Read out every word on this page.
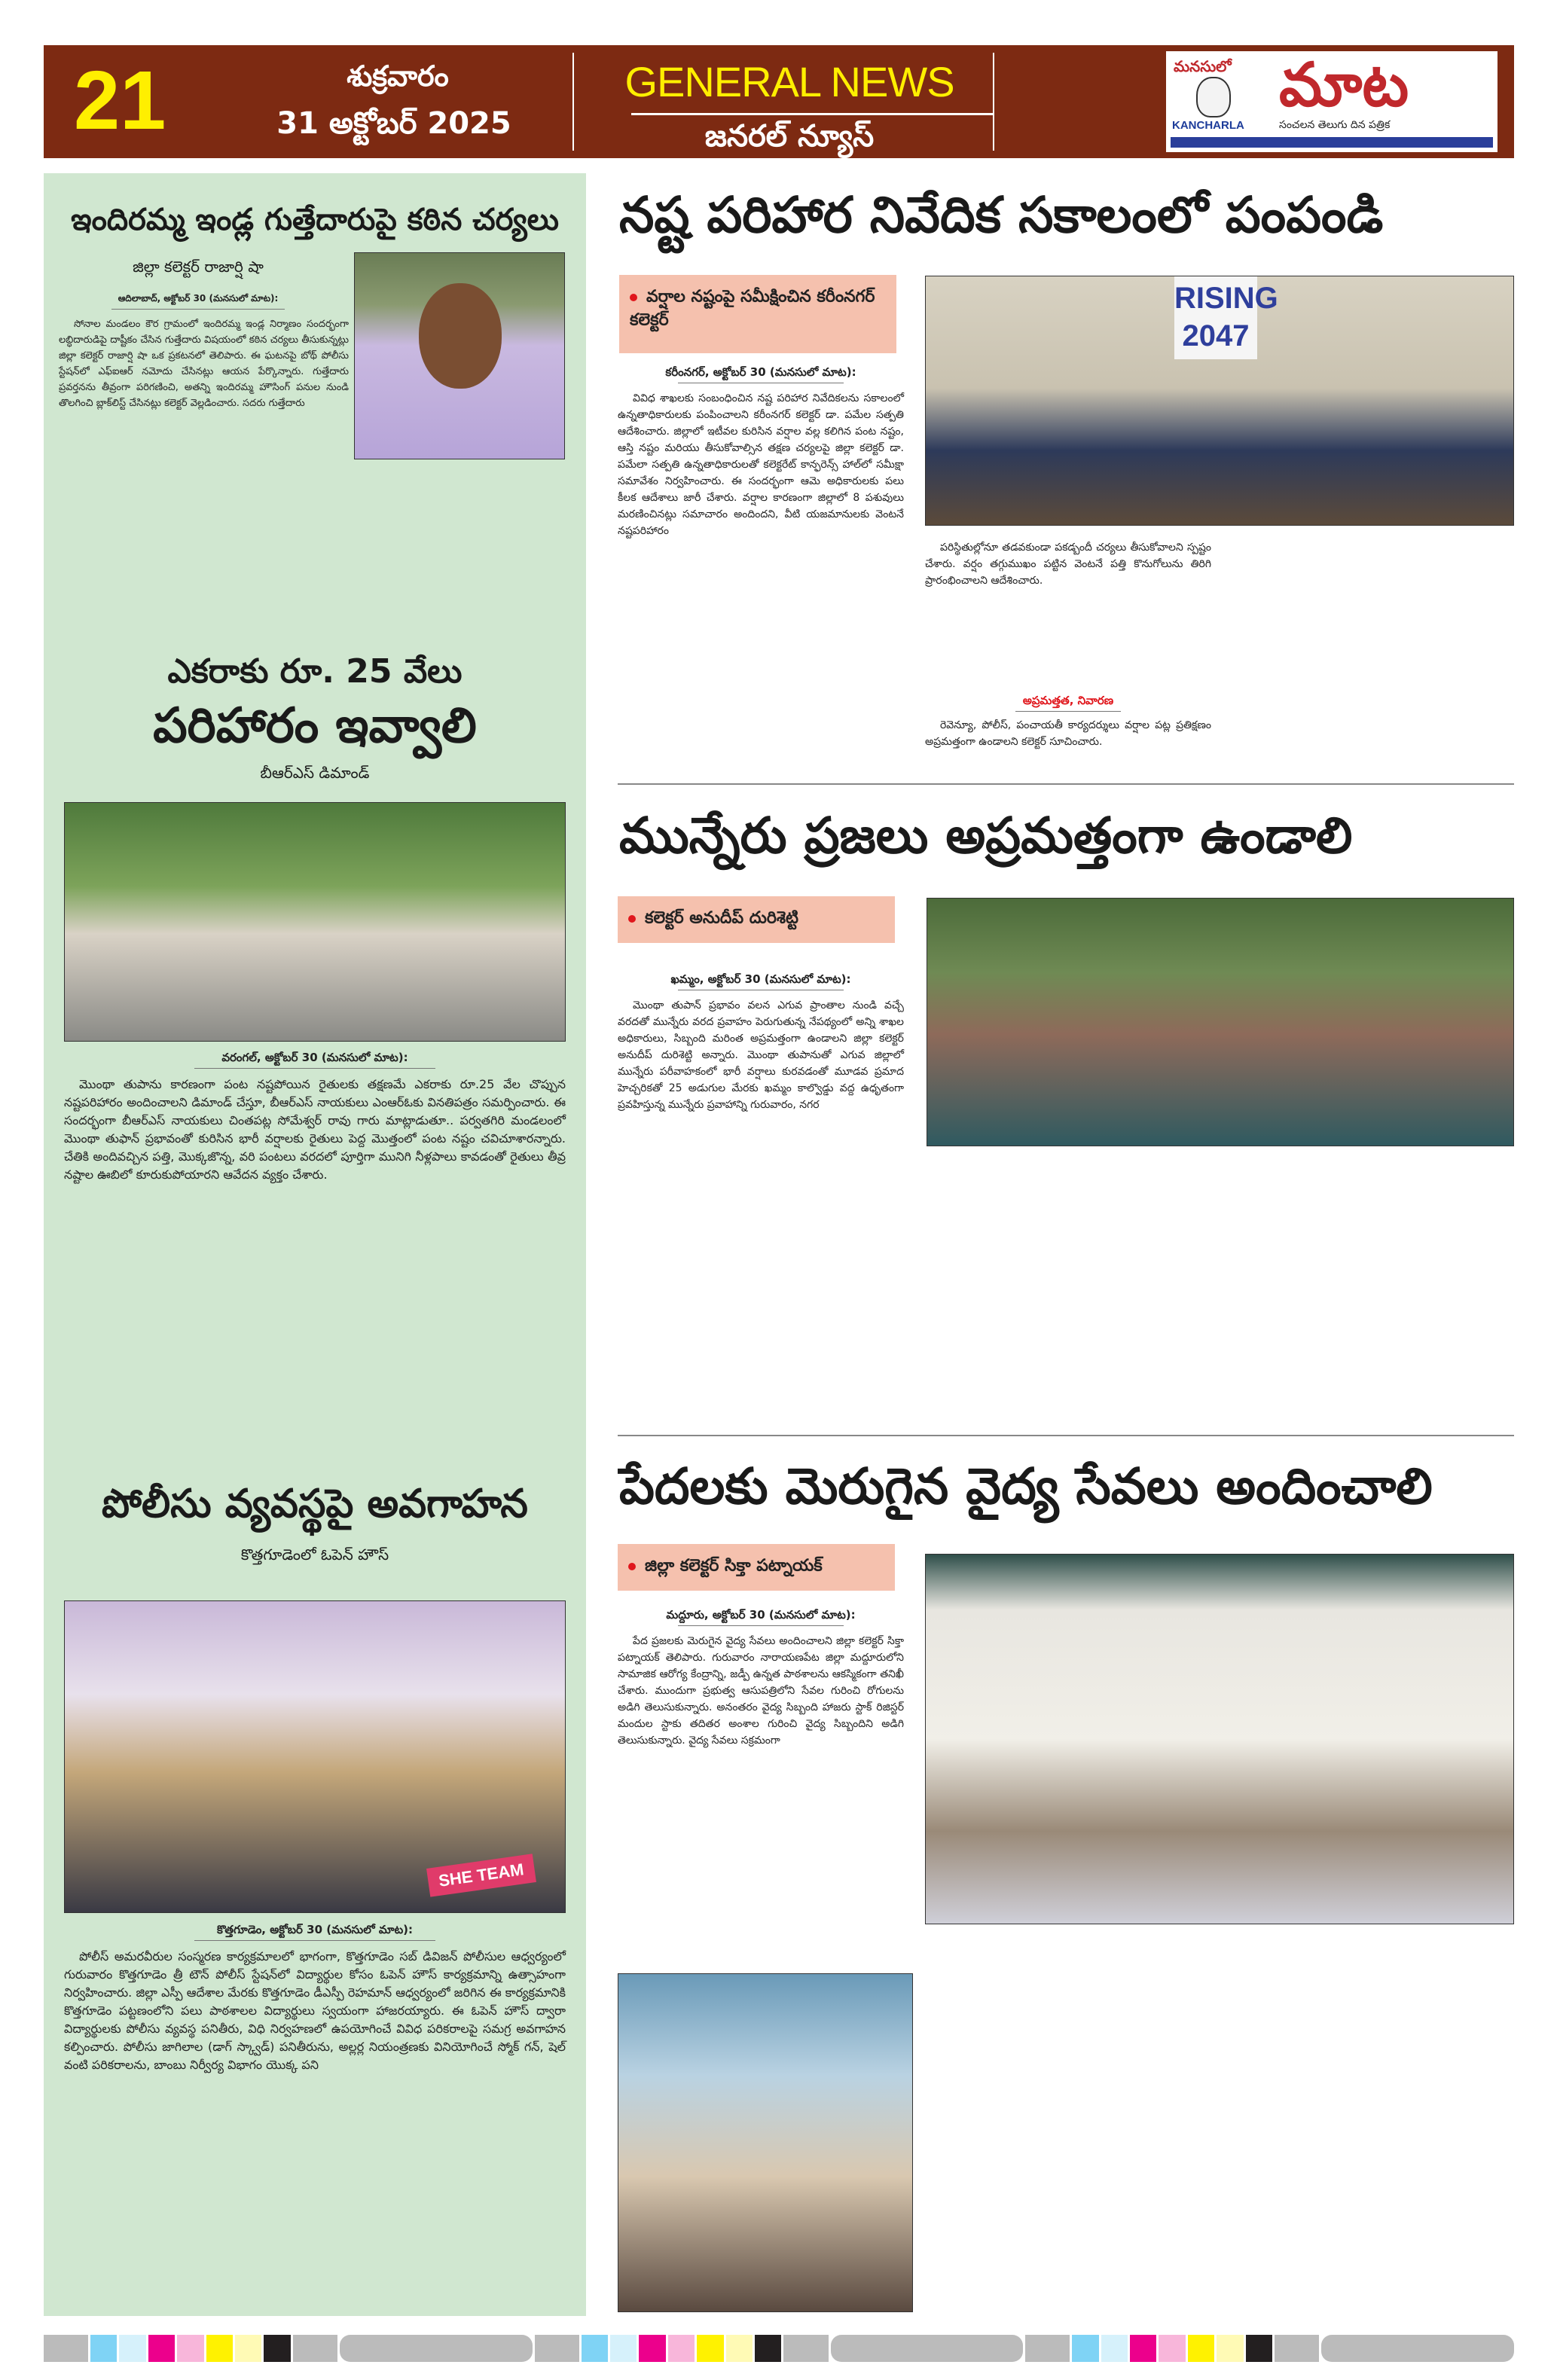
21	శుక్రవారం
31 అక్టోబర్ 2025
GENERAL NEWS
జనరల్ న్యూస్
మనసులో మాట
KANCHARLA	సంచలన తెలుగు దిన పత్రిక
ఇందిరమ్మ ఇండ్ల గుత్తేదారుపై కఠిన చర్యలు
జిల్లా కలెక్టర్ రాజార్షి షా
ఆదిలాబాద్, అక్టోబర్ 30 (మనసులో మాట):
సోనాల మండలం కౌర గ్రామంలో ఇందిరమ్మ ఇండ్ల నిర్మాణం సందర్భంగా లబ్ధిదారుడిపై దాష్టీకం చేసిన గుత్తేదారు విషయంలో కఠిన చర్యలు తీసుకున్నట్లు జిల్లా కలెక్టర్ రాజార్షి షా ఒక ప్రకటనలో తెలిపారు. ఈ ఘటనపై బోథ్ పోలీసు స్టేషన్‌లో ఎఫ్ఐఆర్ నమోదు చేసినట్లు ఆయన పేర్కొన్నారు. గుత్తేదారు ప్రవర్తనను తీవ్రంగా పరిగణించి, అతన్ని ఇందిరమ్మ హౌసింగ్ పనుల నుండి తొలగించి బ్లాక్‌లిస్ట్ చేసినట్లు కలెక్టర్ వెల్లడించారు. సదరు గుత్తేదారు
ఎకరాకు రూ. 25 వేలు
పరిహారం ఇవ్వాలి
బీఆర్ఎస్ డిమాండ్
వరంగల్, అక్టోబర్ 30 (మనసులో మాట):
మొంథా తుపాను కారణంగా పంట నష్టపోయిన రైతులకు తక్షణమే ఎకరాకు రూ.25 వేల చొప్పున నష్టపరిహారం అందించాలని డిమాండ్ చేస్తూ, బీఆర్ఎస్ నాయకులు ఎంఆర్‌ఓకు వినతిపత్రం సమర్పించారు. ఈ సందర్భంగా బీఆర్ఎస్ నాయకులు చింతపట్ల సోమేశ్వర్ రావు గారు మాట్లాడుతూ.. పర్వతగిరి మండలంలో మొంథా తుఫాన్ ప్రభావంతో కురిసిన భారీ వర్షాలకు రైతులు పెద్ద మొత్తంలో పంట నష్టం చవిచూశారన్నారు. చేతికి అందివచ్చిన పత్తి, మొక్కజొన్న, వరి పంటలు వరదలో పూర్తిగా మునిగి నీళ్లపాలు కావడంతో రైతులు తీవ్ర నష్టాల ఊబిలో కూరుకుపోయారని ఆవేదన వ్యక్తం చేశారు.
పోలీసు వ్యవస్థపై అవగాహన
కొత్తగూడెంలో ఓపెన్ హౌస్
SHE TEAM
కొత్తగూడెం, అక్టోబర్ 30 (మనసులో మాట):
పోలీస్ అమరవీరుల సంస్మరణ కార్యక్రమాలలో భాగంగా, కొత్తగూడెం సబ్ డివిజన్ పోలీసుల ఆధ్వర్యంలో గురువారం కొత్తగూడెం త్రీ టౌన్ పోలీస్ స్టేషన్‌లో విద్యార్థుల కోసం ఓపెన్ హౌస్ కార్యక్రమాన్ని ఉత్సాహంగా నిర్వహించారు. జిల్లా ఎస్పీ ఆదేశాల మేరకు కొత్తగూడెం డీఎస్పీ రెహమాన్ ఆధ్వర్యంలో జరిగిన ఈ కార్యక్రమానికి కొత్తగూడెం పట్టణంలోని పలు పాఠశాలల విద్యార్థులు స్వయంగా హాజరయ్యారు. ఈ ఓపెన్ హౌస్ ద్వారా విద్యార్థులకు పోలీసు వ్యవస్థ పనితీరు, విధి నిర్వహణలో ఉపయోగించే వివిధ పరికరాలపై సమగ్ర అవగాహన కల్పించారు. పోలీసు జాగిలాల (డాగ్ స్క్వాడ్) పనితీరును, అల్లర్ల నియంత్రణకు వినియోగించే స్మోక్ గన్, షెల్ వంటి పరికరాలను, బాంబు నిర్వీర్య విభాగం యొక్క పని
నష్ట పరిహార నివేదిక సకాలంలో పంపండి
వర్షాల నష్టంపై సమీక్షించిన కరీంనగర్ కలెక్టర్
RISING 2047
కరీంనగర్, అక్టోబర్ 30 (మనసులో మాట):
వివిధ శాఖలకు సంబంధించిన నష్ట పరిహార నివేదికలను సకాలంలో ఉన్నతాధికారులకు పంపించాలని కరీంనగర్ కలెక్టర్ డా. పమేల సత్పతి ఆదేశించారు. జిల్లాలో ఇటీవల కురిసిన వర్షాల వల్ల కలిగిన పంట నష్టం, ఆస్తి నష్టం మరియు తీసుకోవాల్సిన తక్షణ చర్యలపై జిల్లా కలెక్టర్ డా. పమేలా సత్పతి ఉన్నతాధికారులతో కలెక్టరేట్ కాన్ఫరెన్స్ హాల్‌లో సమీక్షా సమావేశం నిర్వహించారు. ఈ సందర్భంగా ఆమె అధికారులకు పలు కీలక ఆదేశాలు జారీ చేశారు. వర్షాల కారణంగా జిల్లాలో 8 పశువులు మరణించినట్లు సమాచారం అందిందని, వీటి యజమానులకు వెంటనే నష్టపరిహారం
పరిస్థితుల్లోనూ తడవకుండా పకడ్బందీ చర్యలు తీసుకోవాలని స్పష్టం చేశారు. వర్షం తగ్గుముఖం పట్టిన వెంటనే పత్తి కొనుగోలును తిరిగి ప్రారంభించాలని ఆదేశించారు.
అప్రమత్తత, నివారణ
రెవెన్యూ, పోలీస్, పంచాయతీ కార్యదర్శులు వర్షాల పట్ల ప్రతిక్షణం అప్రమత్తంగా ఉండాలని కలెక్టర్ సూచించారు.
మున్నేరు ప్రజలు అప్రమత్తంగా ఉండాలి
కలెక్టర్ అనుదీప్ దురిశెట్టి
ఖమ్మం, అక్టోబర్ 30 (మనసులో మాట):
మొంథా తుపాన్ ప్రభావం వలన ఎగువ ప్రాంతాల నుండి వచ్చే వరదతో మున్నేరు వరద ప్రవాహం పెరుగుతున్న నేపథ్యంలో అన్ని శాఖల అధికారులు, సిబ్బంది మరింత అప్రమత్తంగా ఉండాలని జిల్లా కలెక్టర్ అనుదీప్ దురిశెట్టి అన్నారు. మొంథా తుపానుతో ఎగువ జిల్లాలో మున్నేరు పరీవాహకంలో భారీ వర్షాలు కురవడంతో మూడవ ప్రమాద హెచ్చరికతో 25 అడుగుల మేరకు ఖమ్మం కాల్వొడ్డు వద్ద ఉధృతంగా ప్రవహిస్తున్న మున్నేరు ప్రవాహాన్ని గురువారం, నగర
పేదలకు మెరుగైన వైద్య సేవలు అందించాలి
జిల్లా కలెక్టర్ సిక్తా పట్నాయక్
మద్దూరు, అక్టోబర్ 30 (మనసులో మాట):
పేద ప్రజలకు మెరుగైన వైద్య సేవలు అందించాలని జిల్లా కలెక్టర్ సిక్తా పట్నాయక్ తెలిపారు. గురువారం నారాయణపేట జిల్లా మద్దూరులోని సామాజిక ఆరోగ్య కేంద్రాన్ని, జడ్పీ ఉన్నత పాఠశాలను ఆకస్మికంగా తనిఖీ చేశారు. ముందుగా ప్రభుత్వ ఆసుపత్రిలోని సేవల గురించి రోగులను అడిగి తెలుసుకున్నారు. అనంతరం వైద్య సిబ్బంది హాజరు స్టాక్ రిజిస్టర్ మందుల స్టాకు తదితర అంశాల గురించి వైద్య సిబ్బందిని అడిగి తెలుసుకున్నారు. వైద్య సేవలు సక్రమంగా
